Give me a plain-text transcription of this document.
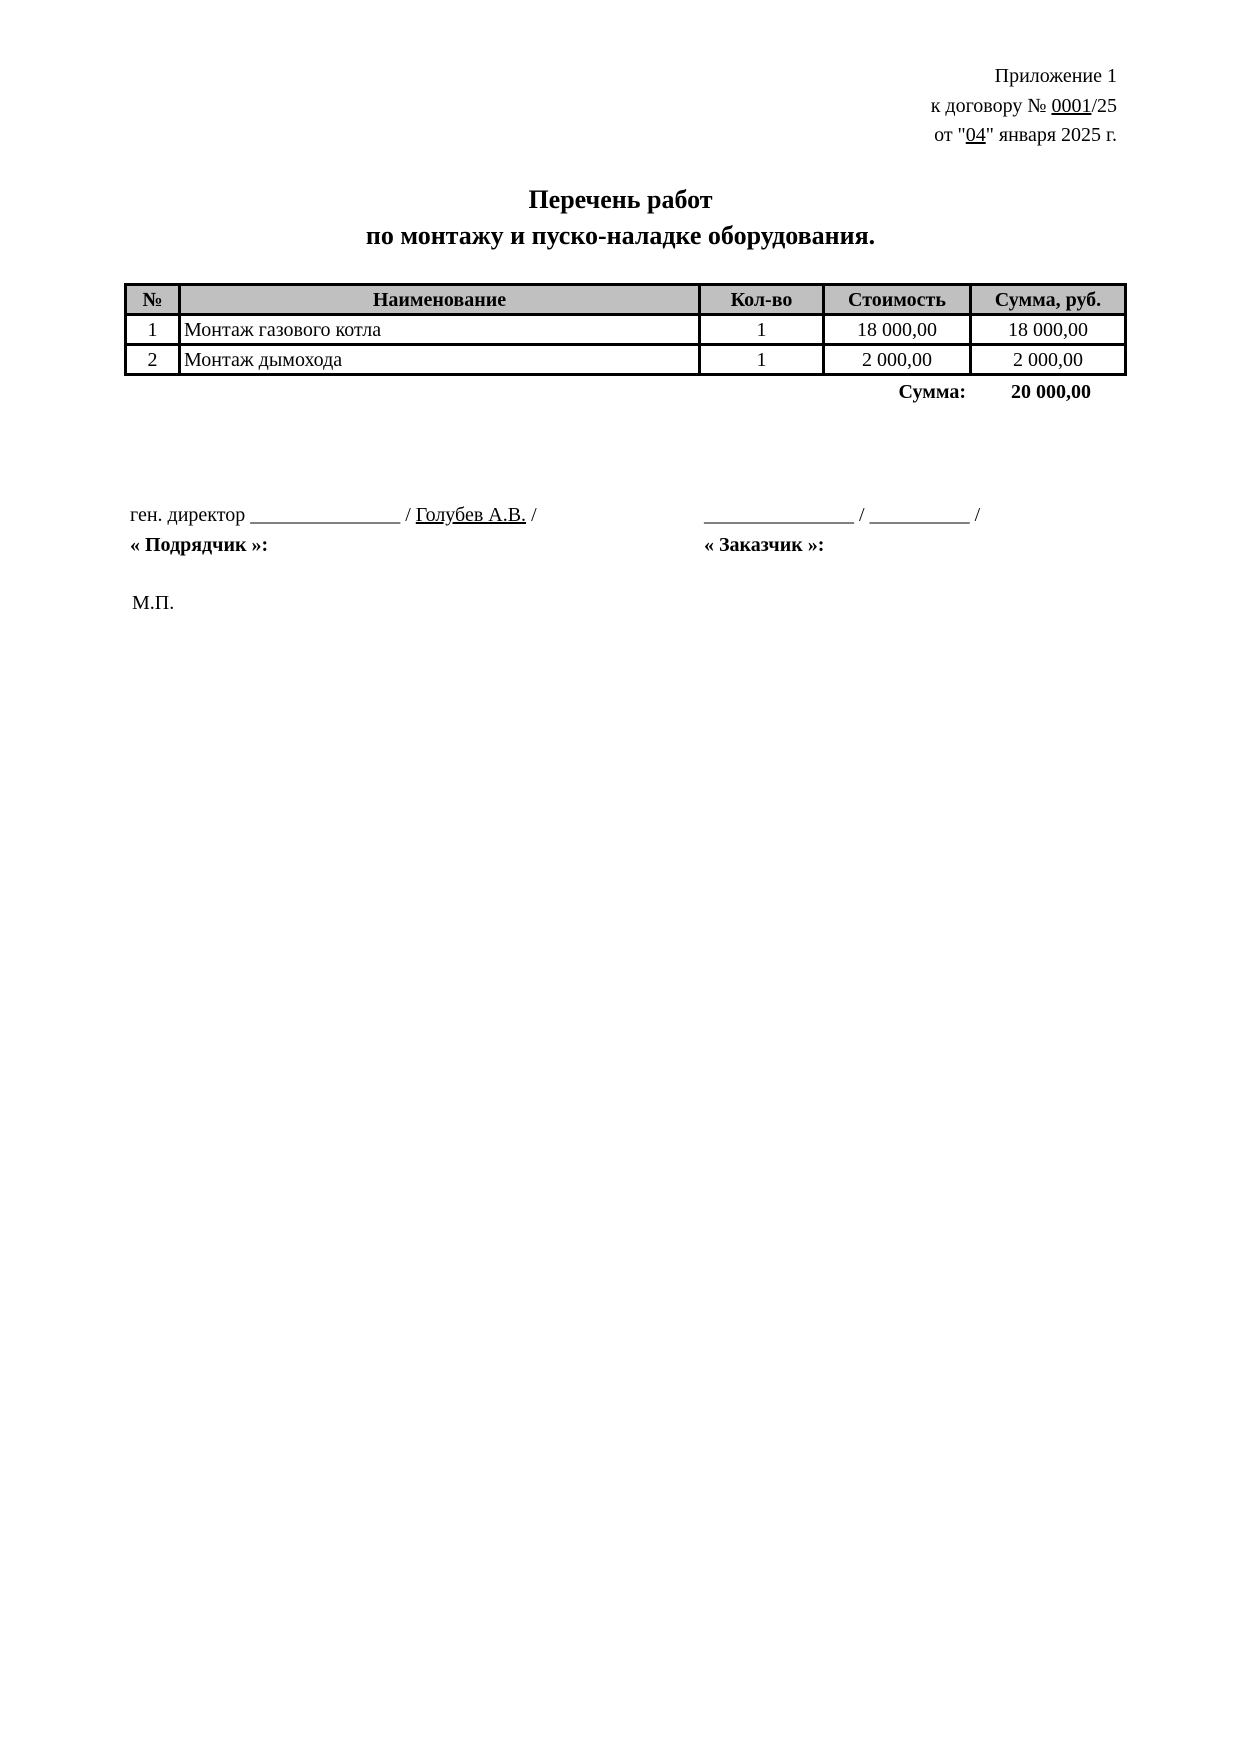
Приложение 1
к договору № 0001/25
от "04" января 2025 г.
Перечень работ
по монтажу и пуско-наладке оборудования.
№	Наименование	Кол-во	Стоимость	Сумма, руб.
1	Монтаж газового котла	1	18 000,00	18 000,00
2	Монтаж дымохода	1	2 000,00	2 000,00
Сумма: 20 000,00
ген. директор _______________ / Голубев А.В. /
« Подрядчик »:
_______________ / __________ /
« Заказчик »:
М.П.
